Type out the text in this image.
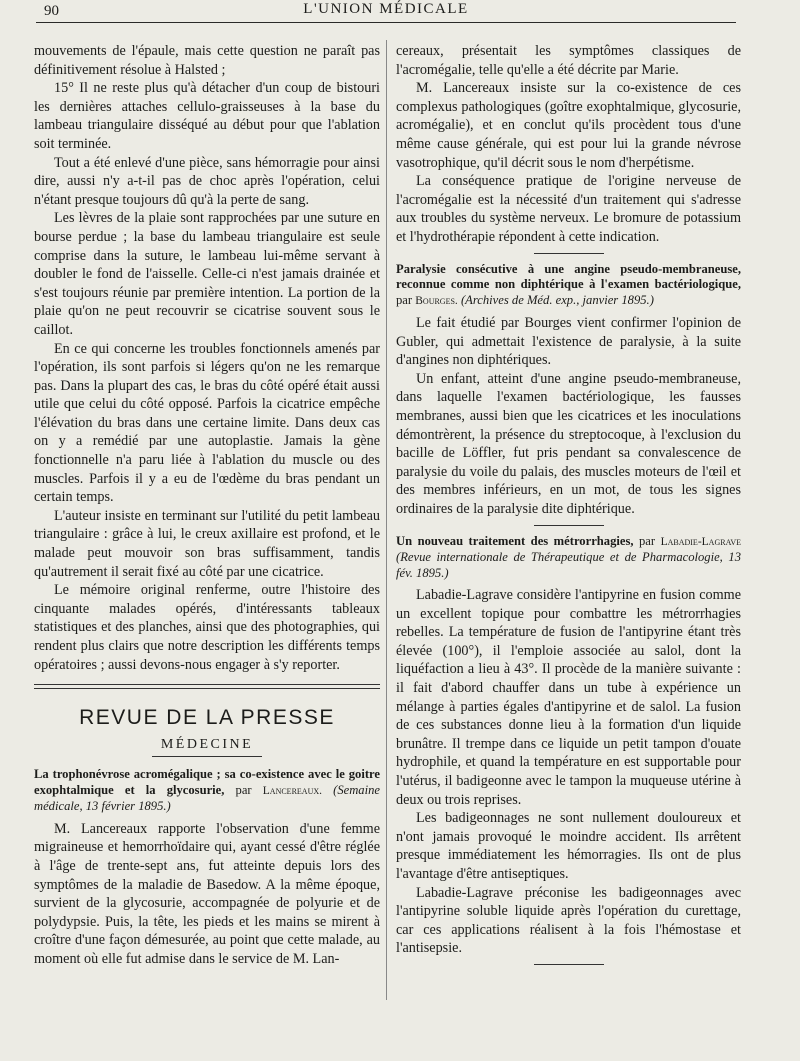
90	L'UNION MÉDICALE

mouvements de l'épaule, mais cette question ne paraît pas définitivement résolue à Halsted ;

15° Il ne reste plus qu'à détacher d'un coup de bistouri les dernières attaches cellulo-graisseuses à la base du lambeau triangulaire disséqué au début pour que l'ablation soit terminée.

Tout a été enlevé d'une pièce, sans hémorragie pour ainsi dire, aussi n'y a-t-il pas de choc après l'opération, celui n'étant presque toujours dû qu'à la perte de sang.

Les lèvres de la plaie sont rapprochées par une suture en bourse perdue ; la base du lambeau triangulaire est seule comprise dans la suture, le lambeau lui-même servant à doubler le fond de l'aisselle. Celle-ci n'est jamais drainée et s'est toujours réunie par première intention. La portion de la plaie qu'on ne peut recouvrir se cicatrise souvent sous le caillot.

En ce qui concerne les troubles fonctionnels amenés par l'opération, ils sont parfois si légers qu'on ne les remarque pas. Dans la plupart des cas, le bras du côté opéré était aussi utile que celui du côté opposé. Parfois la cicatrice empêche l'élévation du bras dans une certaine limite. Dans deux cas on y a remédié par une autoplastie. Jamais la gène fonctionnelle n'a paru liée à l'ablation du muscle ou des muscles. Parfois il y a eu de l'œdème du bras pendant un certain temps.

L'auteur insiste en terminant sur l'utilité du petit lambeau triangulaire : grâce à lui, le creux axillaire est profond, et le malade peut mouvoir son bras suffisamment, tandis qu'autrement il serait fixé au côté par une cicatrice.

Le mémoire original renferme, outre l'histoire des cinquante malades opérés, d'intéressants tableaux statistiques et des planches, ainsi que des photographies, qui rendent plus clairs que notre description les différents temps opératoires ; aussi devons-nous engager à s'y reporter.

REVUE DE LA PRESSE
MÉDECINE
La trophonévrose acromégalique ; sa co-existence avec le goitre exophtalmique et la glycosurie, par Lancereaux. (Semaine médicale, 13 février 1895.)

M. Lancereaux rapporte l'observation d'une femme migraineuse et hemorrhoïdaire qui, ayant cessé d'être réglée à l'âge de trente-sept ans, fut atteinte depuis lors des symptômes de la maladie de Basedow. A la même époque, survient de la glycosurie, accompagnée de polyurie et de polydypsie. Puis, la tête, les pieds et les mains se mirent à croître d'une façon démesurée, au point que cette malade, au moment où elle fut admise dans le service de M. Lan-

cereaux, présentait les symptômes classiques de l'acromégalie, telle qu'elle a été décrite par Marie.

M. Lancereaux insiste sur la co-existence de ces complexus pathologiques (goître exophtalmique, glycosurie, acromégalie), et en conclut qu'ils procèdent tous d'une même cause générale, qui est pour lui la grande névrose vasotrophique, qu'il décrit sous le nom d'herpétisme.

La conséquence pratique de l'origine nerveuse de l'acromégalie est la nécessité d'un traitement qui s'adresse aux troubles du système nerveux. Le bromure de potassium et l'hydrothérapie répondent à cette indication.

Paralysie consécutive à une angine pseudo-membraneuse, reconnue comme non diphtérique à l'examen bactériologique, par Bourges. (Archives de Méd. exp., janvier 1895.)

Le fait étudié par Bourges vient confirmer l'opinion de Gubler, qui admettait l'existence de paralysie, à la suite d'angines non diphtériques.

Un enfant, atteint d'une angine pseudo-membraneuse, dans laquelle l'examen bactériologique, les fausses membranes, aussi bien que les cicatrices et les inoculations démontrèrent, la présence du streptocoque, à l'exclusion du bacille de Löffler, fut pris pendant sa convalescence de paralysie du voile du palais, des muscles moteurs de l'œil et des membres inférieurs, en un mot, de tous les signes ordinaires de la paralysie dite diphtérique.

Un nouveau traitement des métrorrhagies, par Labadie-Lagrave (Revue internationale de Thérapeutique et de Pharmacologie, 13 fév. 1895.)

Labadie-Lagrave considère l'antipyrine en fusion comme un excellent topique pour combattre les métrorrhagies rebelles. La température de fusion de l'antipyrine étant très élevée (100°), il l'emploie associée au salol, dont la liquéfaction a lieu à 43°. Il procède de la manière suivante : il fait d'abord chauffer dans un tube à expérience un mélange à parties égales d'antipyrine et de salol. La fusion de ces substances donne lieu à la formation d'un liquide brunâtre. Il trempe dans ce liquide un petit tampon d'ouate hydrophile, et quand la température en est supportable pour l'utérus, il badigeonne avec le tampon la muqueuse utérine à deux ou trois reprises.

Les badigeonnages ne sont nullement douloureux et n'ont jamais provoqué le moindre accident. Ils arrêtent presque immédiatement les hémorragies. Ils ont de plus l'avantage d'être antiseptiques.

Labadie-Lagrave préconise les badigeonnages avec l'antipyrine soluble liquide après l'opération du curettage, car ces applications réalisent à la fois l'hémostase et l'antisepsie.
